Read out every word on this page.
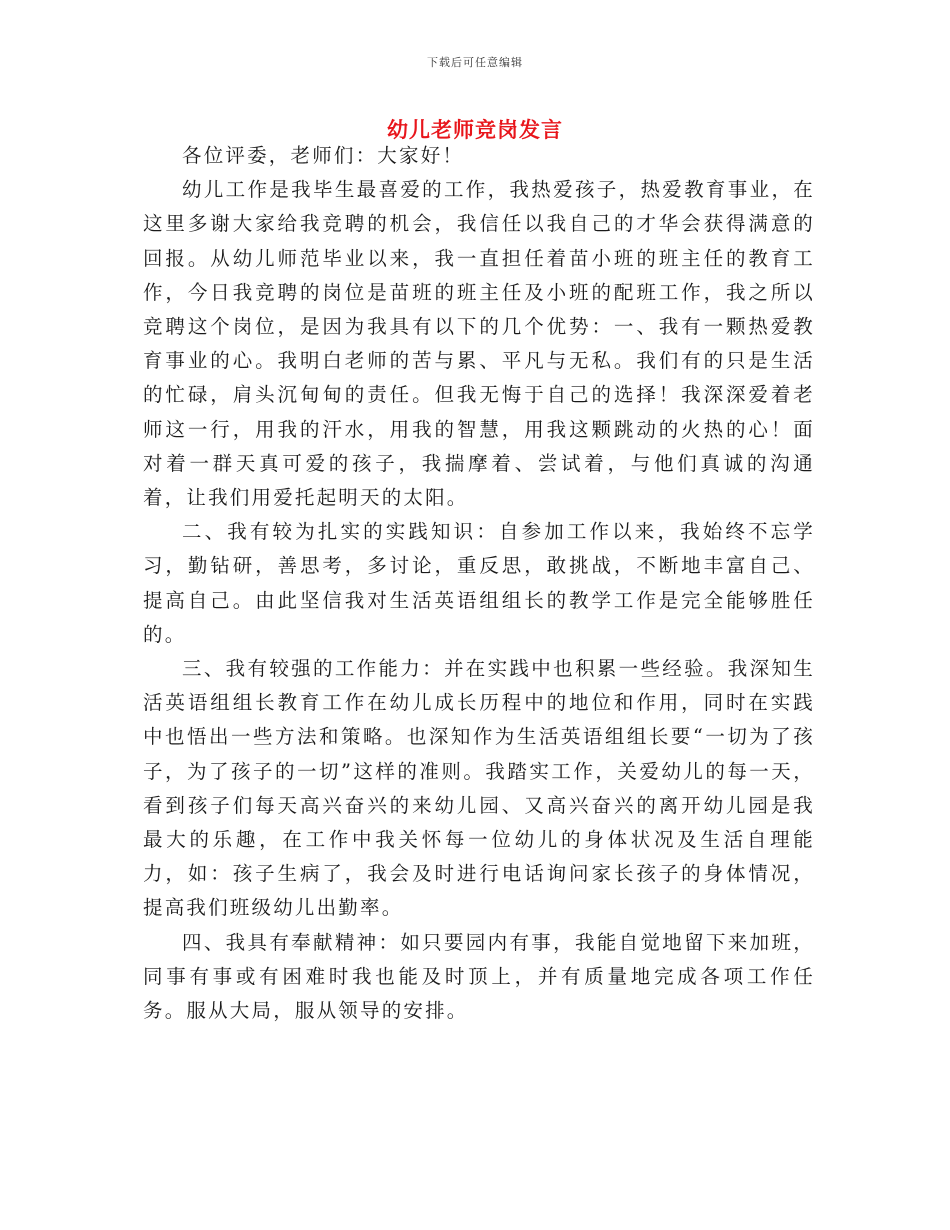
下载后可任意编辑
幼儿老师竞岗发言

各位评委，老师们：大家好！

幼儿工作是我毕生最喜爱的工作，我热爱孩子，热爱教育事业，在这里多谢大家给我竞聘的机会，我信任以我自己的才华会获得满意的回报。从幼儿师范毕业以来，我一直担任着苗小班的班主任的教育工作，今日我竞聘的岗位是苗班的班主任及小班的配班工作，我之所以竞聘这个岗位，是因为我具有以下的几个优势：一、我有一颗热爱教育事业的心。我明白老师的苦与累、平凡与无私。我们有的只是生活的忙碌，肩头沉甸甸的责任。但我无悔于自己的选择！我深深爱着老师这一行，用我的汗水，用我的智慧，用我这颗跳动的火热的心！面对着一群天真可爱的孩子，我揣摩着、尝试着，与他们真诚的沟通着，让我们用爱托起明天的太阳。

二、我有较为扎实的实践知识：自参加工作以来，我始终不忘学习，勤钻研，善思考，多讨论，重反思，敢挑战，不断地丰富自己、提高自己。由此坚信我对生活英语组组长的教学工作是完全能够胜任的。

三、我有较强的工作能力：并在实践中也积累一些经验。我深知生活英语组组长教育工作在幼儿成长历程中的地位和作用，同时在实践中也悟出一些方法和策略。也深知作为生活英语组组长要“一切为了孩子，为了孩子的一切”这样的准则。我踏实工作，关爱幼儿的每一天，看到孩子们每天高兴奋兴的来幼儿园、又高兴奋兴的离开幼儿园是我最大的乐趣，在工作中我关怀每一位幼儿的身体状况及生活自理能力，如：孩子生病了，我会及时进行电话询问家长孩子的身体情况，提高我们班级幼儿出勤率。

四、我具有奉献精神：如只要园内有事，我能自觉地留下来加班，同事有事或有困难时我也能及时顶上，并有质量地完成各项工作任务。服从大局，服从领导的安排。
